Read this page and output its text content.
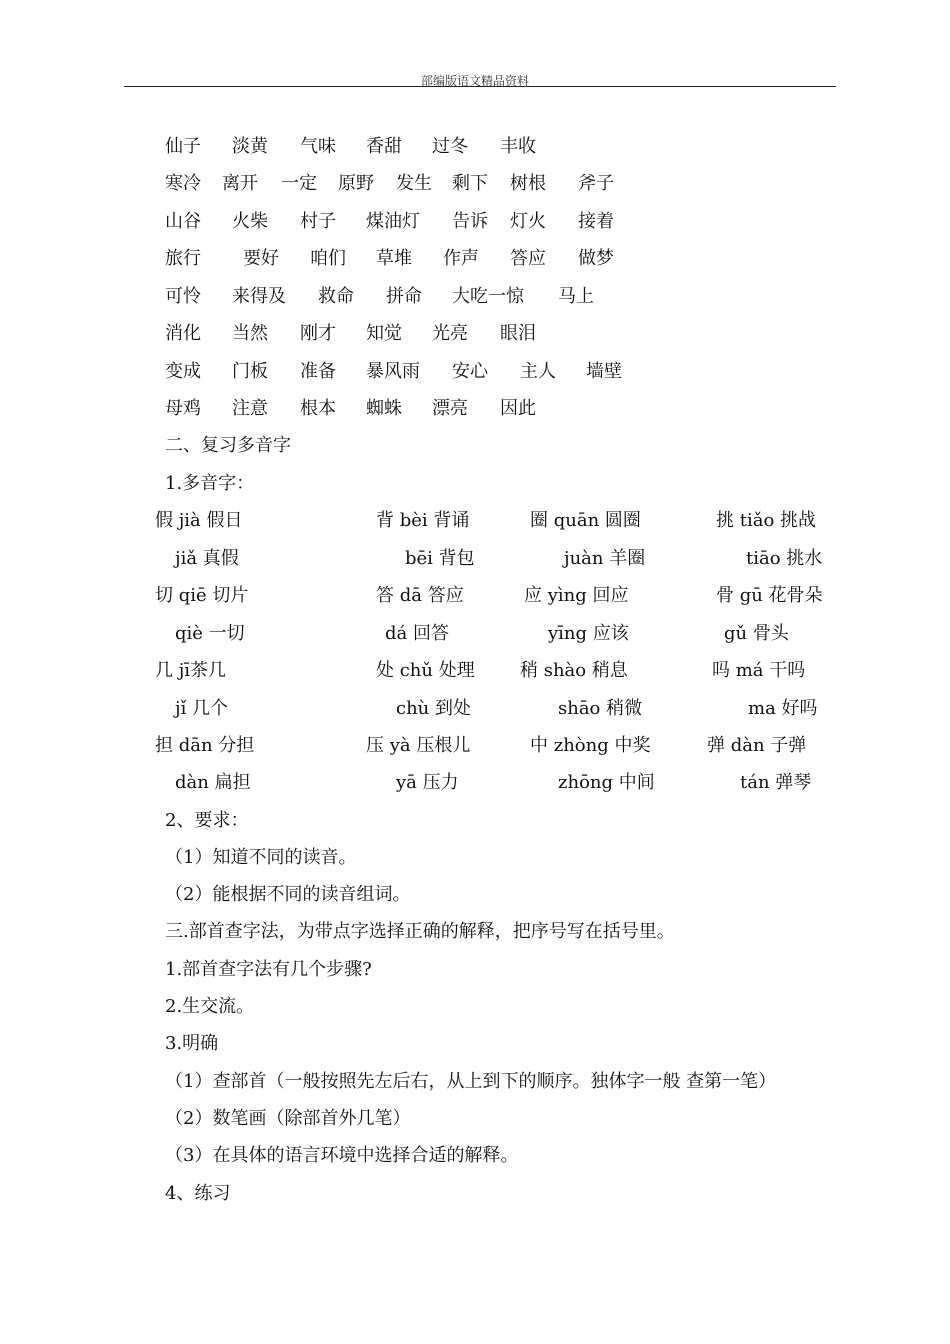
部编版语文精品资料
仙子 淡黄 气味 香甜 过冬 丰收
寒冷 离开 一定 原野 发生 剩下 树根 斧子
山谷 火柴 村子 煤油灯 告诉 灯火 接着
旅行 要好 咱们 草堆 作声 答应 做梦
可怜 来得及 救命 拼命 大吃一惊 马上
消化 当然 刚才 知觉 光亮 眼泪
变成 门板 准备 暴风雨 安心 主人 墙壁
母鸡 注意 根本 蜘蛛 漂亮 因此
二、复习多音字
1.多音字：
假 jià 假日	背 bèi 背诵	圈 quān 圆圈	挑 tiǎo 挑战
jiǎ 真假	bēi 背包	juàn 羊圈	tiāo 挑水
切 qiē 切片	答 dā 答应	应 yìng 回应	骨 gū 花骨朵
qiè 一切	dá 回答	yīng 应该	gǔ 骨头
几 jī茶几	处 chǔ 处理	稍 shào 稍息	吗 má 干吗
jǐ 几个	chù 到处	shāo 稍微	ma 好吗
担 dān 分担	压 yà 压根儿	中 zhòng 中奖	弹 dàn 子弹
dàn 扁担	yā 压力	zhōng 中间	tán 弹琴
2、要求：
（1）知道不同的读音。
（2）能根据不同的读音组词。
三.部首查字法，为带点字选择正确的解释，把序号写在括号里。
1.部首查字法有几个步骤?
2.生交流。
3.明确
（1）查部首（一般按照先左后右，从上到下的顺序。独体字一般 查第一笔）
（2）数笔画（除部首外几笔）
（3）在具体的语言环境中选择合适的解释。
4、练习
